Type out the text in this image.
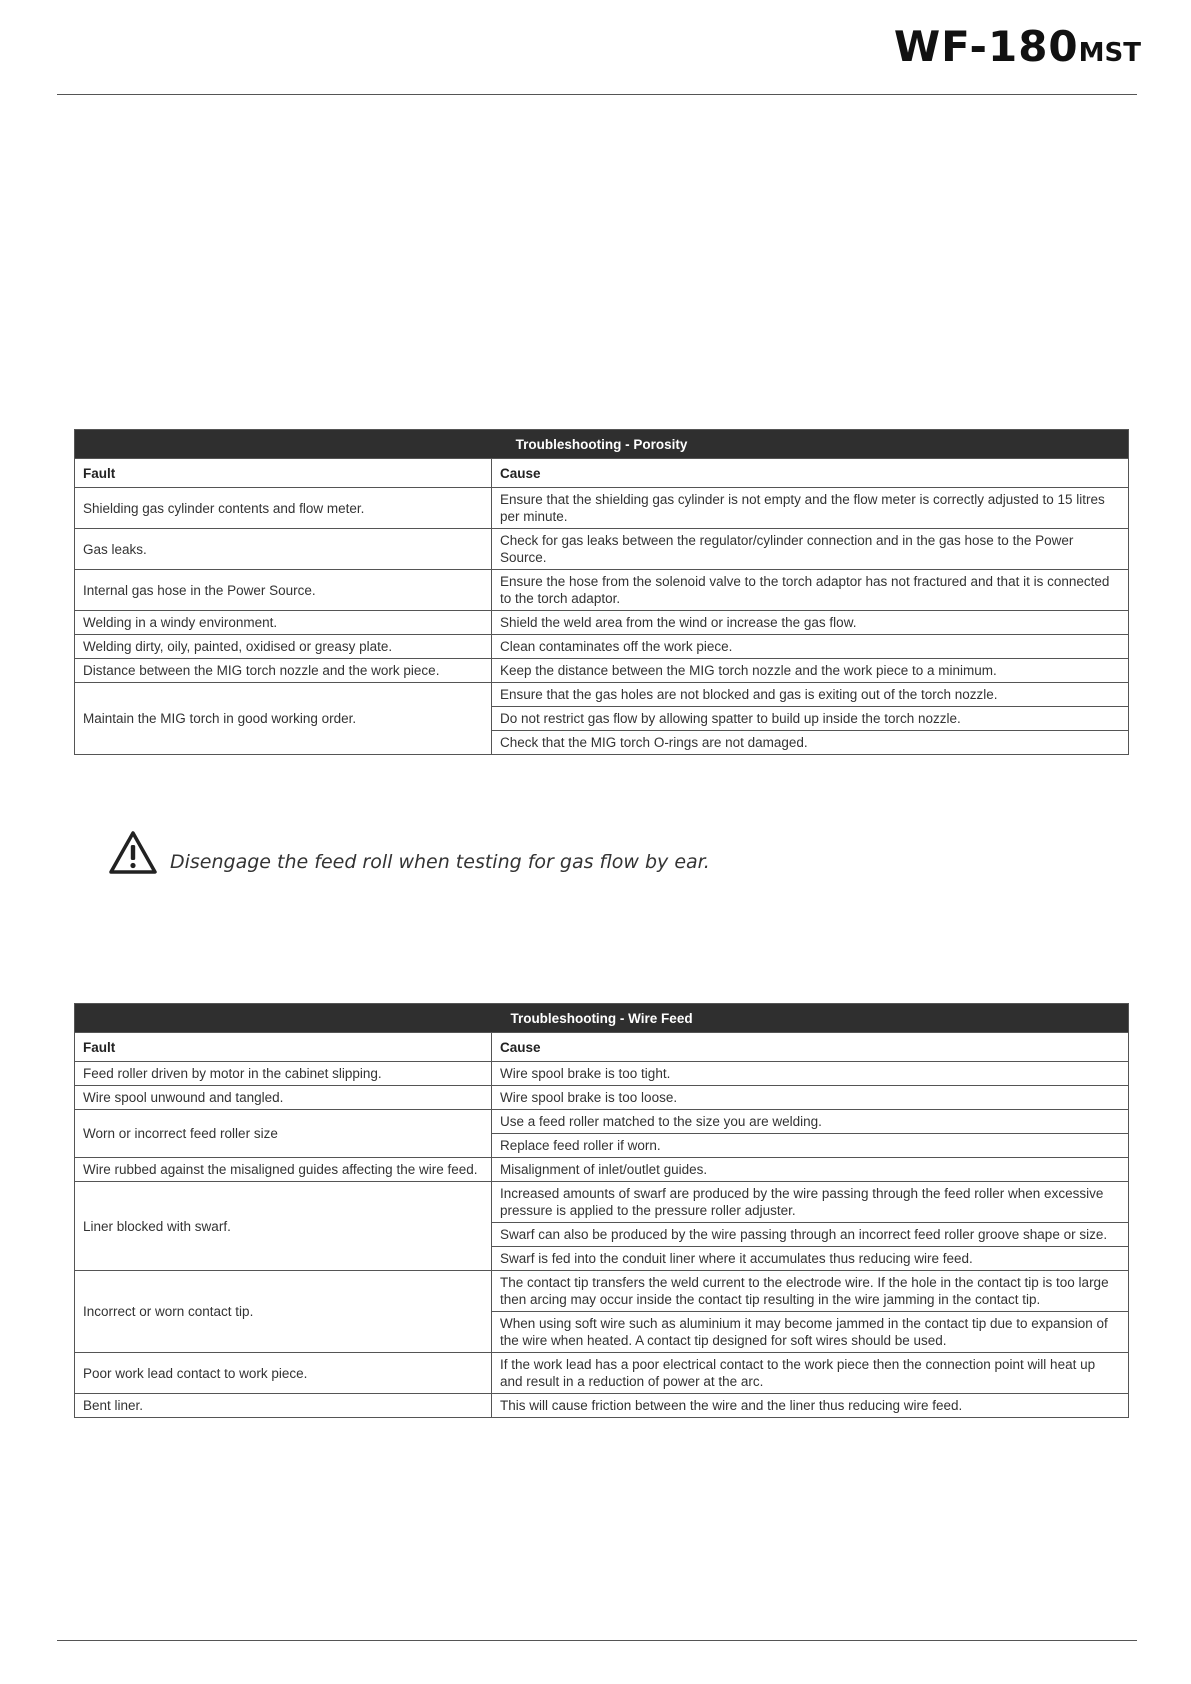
WF-180MST
Troubleshooting - Porosity	
Fault	Cause
Shielding gas cylinder contents and flow meter.	Ensure that the shielding gas cylinder is not empty and the flow meter is correctly adjusted to 15 litres per minute.
Gas leaks.	Check for gas leaks between the regulator/cylinder connection and in the gas hose to the Power Source.
Internal gas hose in the Power Source.	Ensure the hose from the solenoid valve to the torch adaptor has not fractured and that it is connected to the torch adaptor.
Welding in a windy environment.	Shield the weld area from the wind or increase the gas flow.
Welding dirty, oily, painted, oxidised or greasy plate.	Clean contaminates off the work piece.
Distance between the MIG torch nozzle and the work piece.	Keep the distance between the MIG torch nozzle and the work piece to a minimum.
Maintain the MIG torch in good working order.	Ensure that the gas holes are not blocked and gas is exiting out of the torch nozzle.
	Do not restrict gas flow by allowing spatter to build up inside the torch nozzle.
	Check that the MIG torch O-rings are not damaged.
Disengage the feed roll when testing for gas flow by ear.
Troubleshooting - Wire Feed	
Fault	Cause
Feed roller driven by motor in the cabinet slipping.	Wire spool brake is too tight.
Wire spool unwound and tangled.	Wire spool brake is too loose.
Worn or incorrect feed roller size	Use a feed roller matched to the size you are welding.
	Replace feed roller if worn.
Wire rubbed against the misaligned guides affecting the wire feed.	Misalignment of inlet/outlet guides.
Liner blocked with swarf.	Increased amounts of swarf are produced by the wire passing through the feed roller when excessive pressure is applied to the pressure roller adjuster.
	Swarf can also be produced by the wire passing through an incorrect feed roller groove shape or size.
	Swarf is fed into the conduit liner where it accumulates thus reducing wire feed.
Incorrect or worn contact tip.	The contact tip transfers the weld current to the electrode wire. If the hole in the contact tip is too large then arcing may occur inside the contact tip resulting in the wire jamming in the contact tip.
	When using soft wire such as aluminium it may become jammed in the contact tip due to expansion of the wire when heated. A contact tip designed for soft wires should be used.
Poor work lead contact to work piece.	If the work lead has a poor electrical contact to the work piece then the connection point will heat up and result in a reduction of power at the arc.
Bent liner.	This will cause friction between the wire and the liner thus reducing wire feed.
